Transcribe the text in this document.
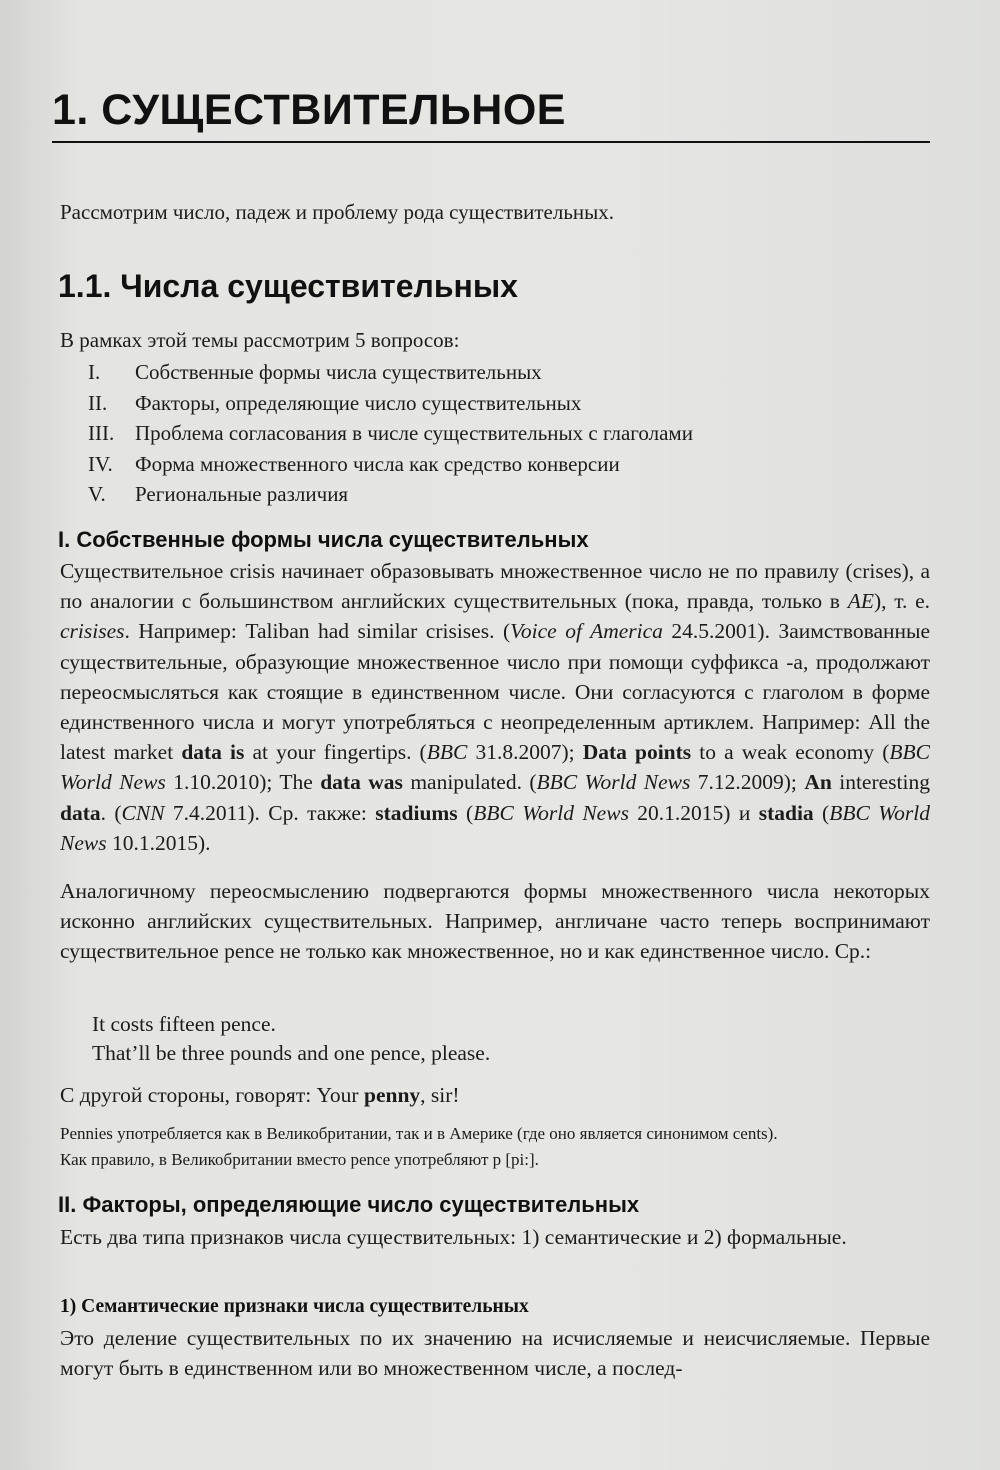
1. СУЩЕСТВИТЕЛЬНОЕ
Рассмотрим число, падеж и проблему рода существительных.
1.1. Числа существительных
В рамках этой темы рассмотрим 5 вопросов:
I.	Собственные формы числа существительных
II.	Факторы, определяющие число существительных
III. Проблема согласования в числе существительных с глаголами
IV.	Форма множественного числа как средство конверсии
V.	Региональные различия
I. Собственные формы числа существительных

Существительное crisis начинает образовывать множественное число не по правилу (crises), а по аналогии с большинством английских существительных (пока, правда, только в AE), т. е. crisises. Например: Taliban had similar crisises. (Voice of America 24.5.2001). Заимствованные существительные, образующие множественное число при помощи суффикса -a, продолжают переосмысляться как стоящие в единственном числе. Они согласуются с глаголом в форме единственного числа и могут употребляться с неопределенным артиклем. Например: All the latest market data is at your fingertips. (BBC 31.8.2007); Data points to a weak economy (BBC World News 1.10.2010); The data was manipulated. (BBC World News 7.12.2009); An interesting data. (CNN 7.4.2011). Ср. также: stadiums (BBC World News 20.1.2015) и stadia (BBC World News 10.1.2015).

Аналогичному переосмыслению подвергаются формы множественного числа некоторых исконно английских существительных. Например, англичане часто теперь воспринимают существительное pence не только как множественное, но и как единственное число. Ср.:

It costs fifteen pence.
That’ll be three pounds and one pence, please.
С другой стороны, говорят: Your penny, sir!

Pennies употребляется как в Великобритании, так и в Америке (где оно является синонимом cents).

Как правило, в Великобритании вместо pence употребляют p [pi:].

II. Факторы, определяющие число существительных

Есть два типа признаков числа существительных: 1) семантические и 2) формальные.

1) Семантические признаки числа существительных

Это деление существительных по их значению на исчисляемые и неисчисляемые. Первые могут быть в единственном или во множественном числе, а послед-
